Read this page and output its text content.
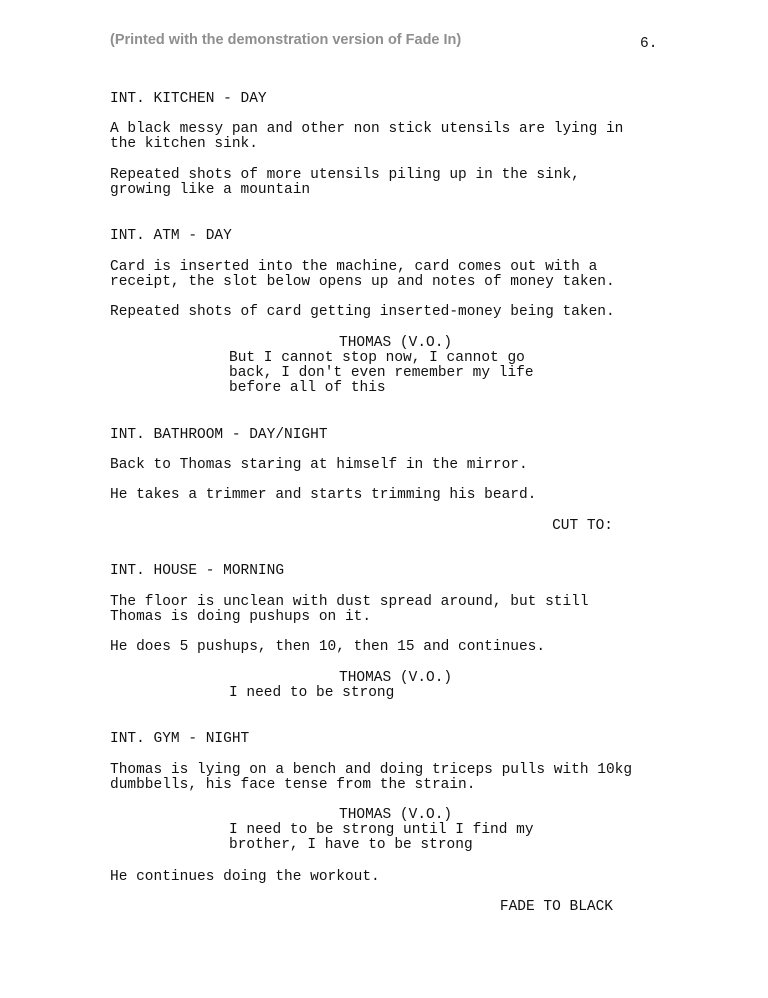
(Printed with the demonstration version of Fade In)	6.
INT. KITCHEN - DAY
A black messy pan and other non stick utensils are lying in
the kitchen sink.
Repeated shots of more utensils piling up in the sink,
growing like a mountain
INT. ATM - DAY
Card is inserted into the machine, card comes out with a
receipt, the slot below opens up and notes of money taken.
Repeated shots of card getting inserted-money being taken.
THOMAS (V.O.)
But I cannot stop now, I cannot go
back, I don't even remember my life
before all of this
INT. BATHROOM - DAY/NIGHT
Back to Thomas staring at himself in the mirror.
He takes a trimmer and starts trimming his beard.
CUT TO:
INT. HOUSE - MORNING
The floor is unclean with dust spread around, but still
Thomas is doing pushups on it.
He does 5 pushups, then 10, then 15 and continues.
THOMAS (V.O.)
I need to be strong
INT. GYM - NIGHT
Thomas is lying on a bench and doing triceps pulls with 10kg
dumbbells, his face tense from the strain.
THOMAS (V.O.)
I need to be strong until I find my
brother, I have to be strong
He continues doing the workout.
FADE TO BLACK
